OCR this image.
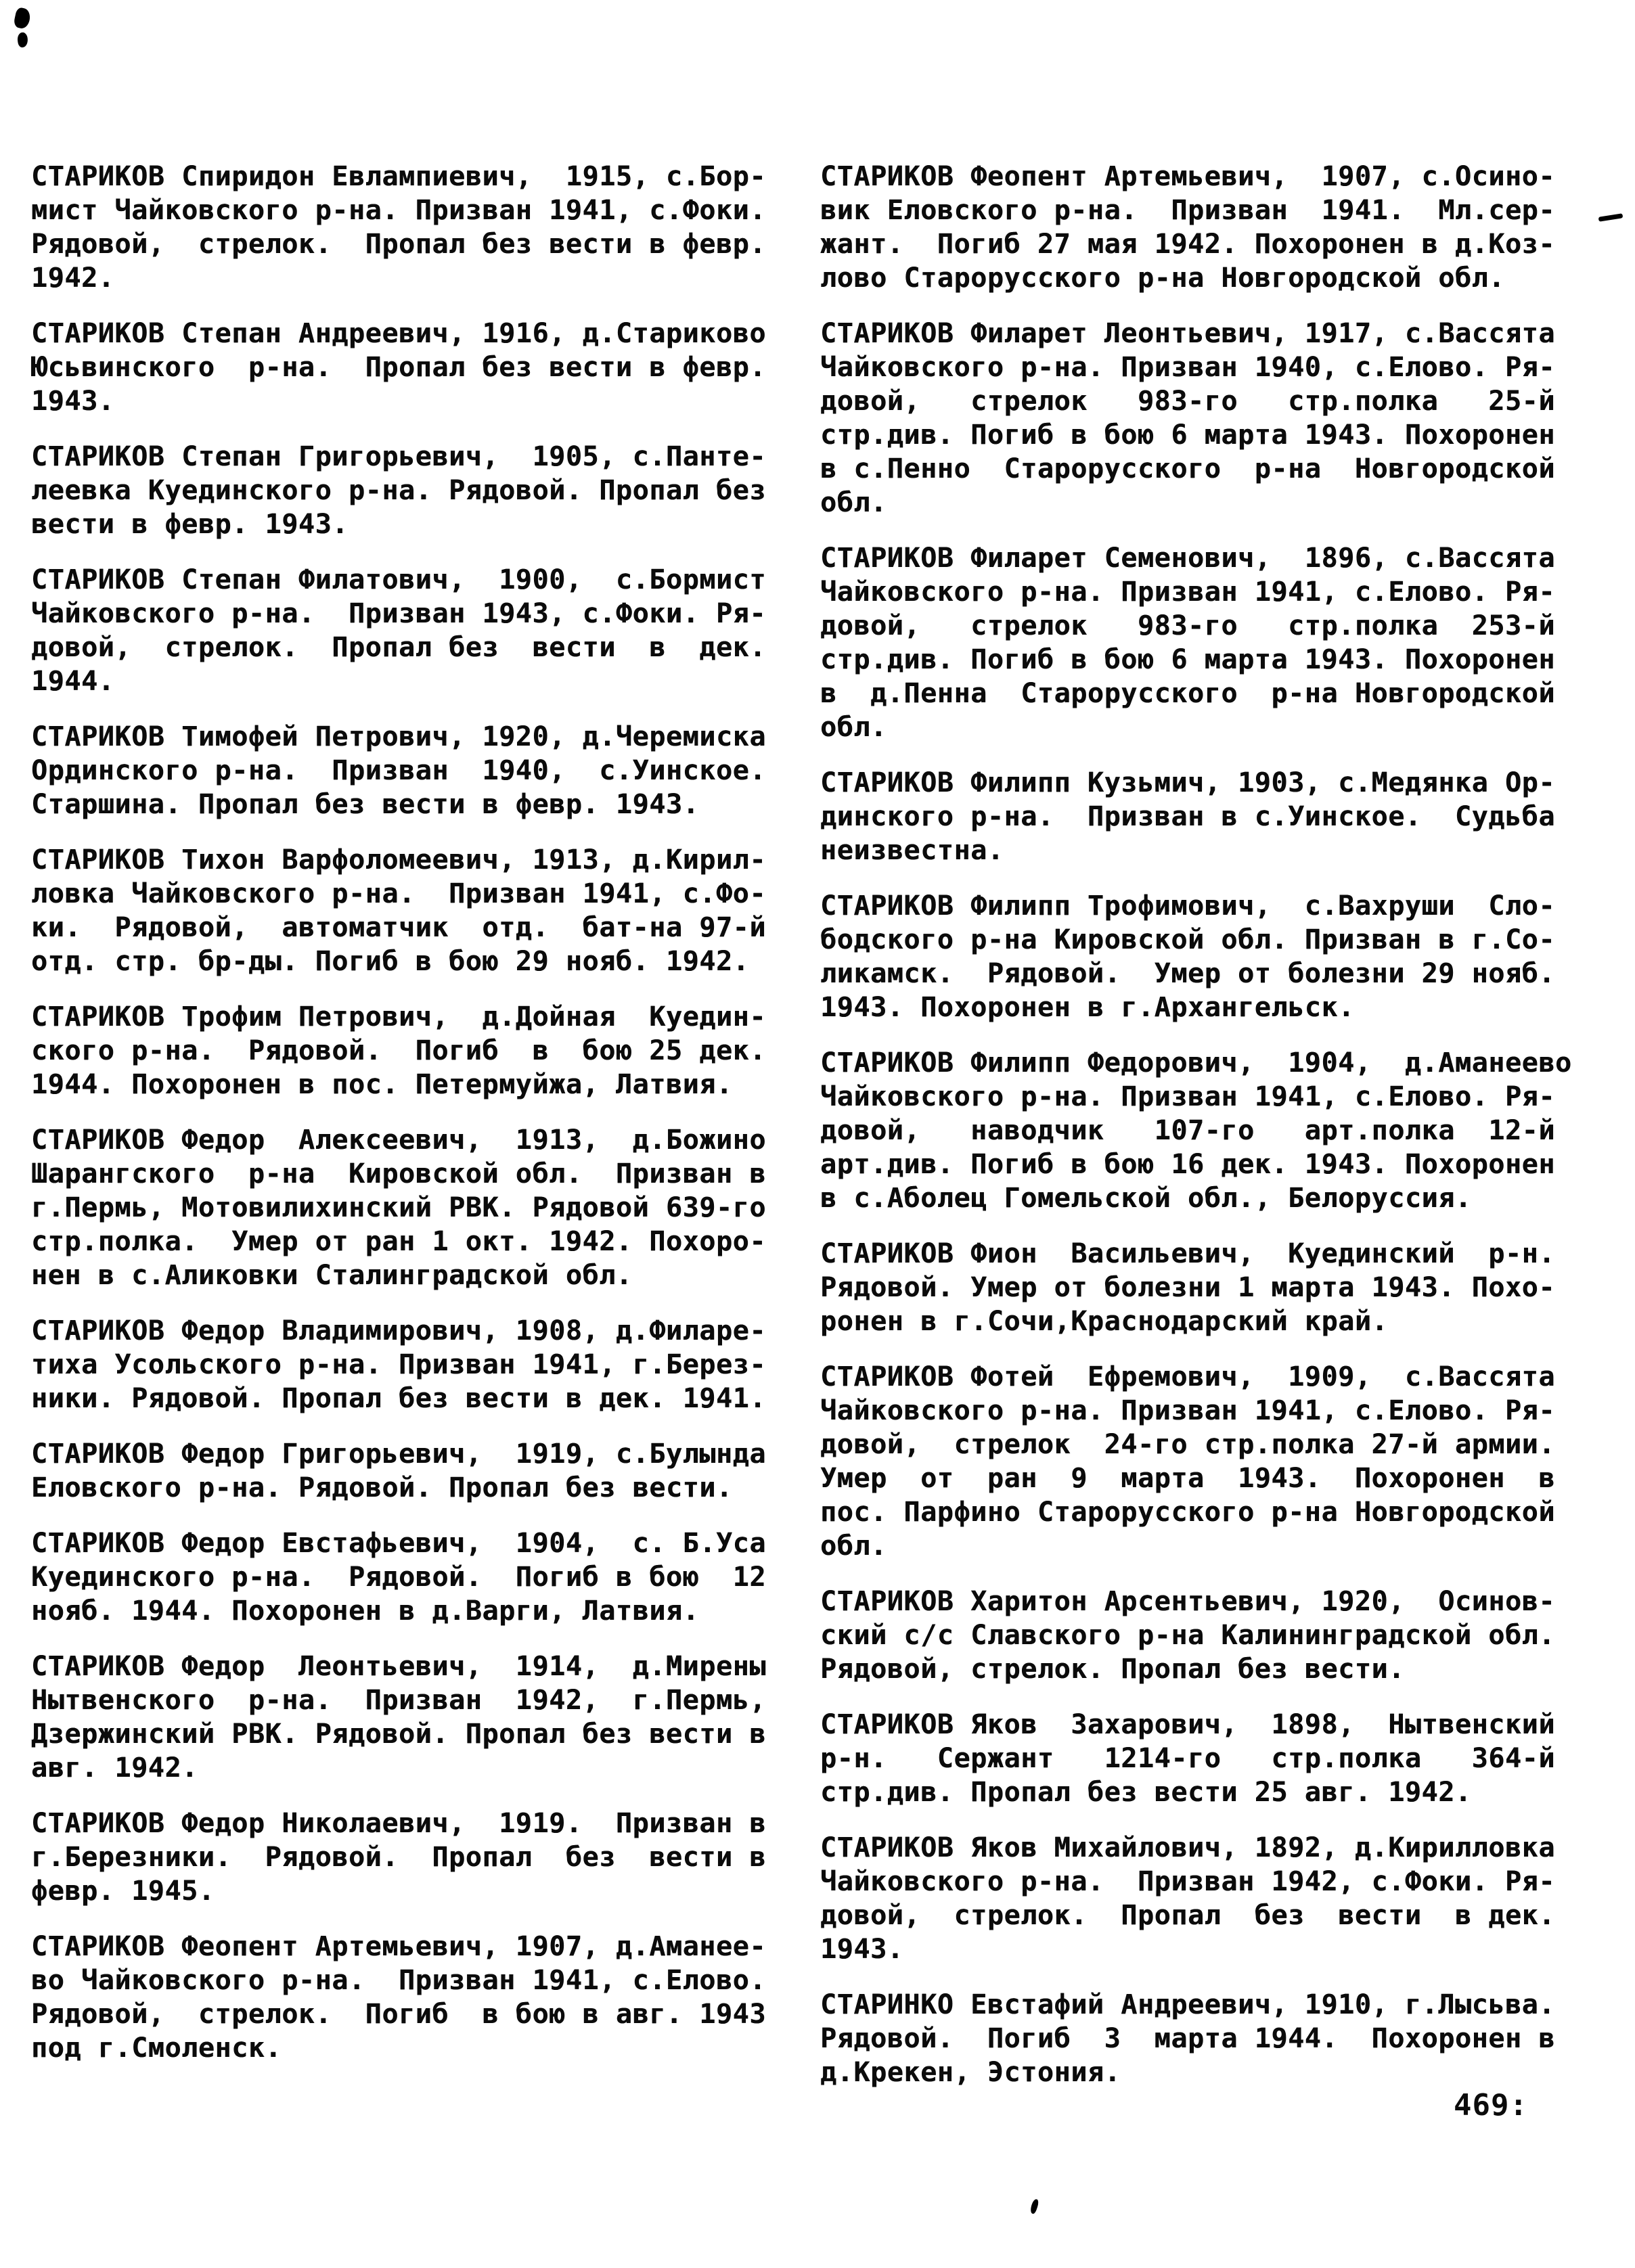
СТАРИКОВ Спиридон Евлампиевич,  1915, с.Бор-
мист Чайковского р-на. Призван 1941, с.Фоки.
Рядовой,  стрелок.  Пропал без вести в февр.
1942.
СТАРИКОВ Степан Андреевич, 1916, д.Стариково
Юсьвинского  р-на.  Пропал без вести в февр.
1943.
СТАРИКОВ Степан Григорьевич,  1905, с.Панте-
леевка Куединского р-на. Рядовой. Пропал без
вести в февр. 1943.
СТАРИКОВ Степан Филатович,  1900,  с.Бормист
Чайковского р-на.  Призван 1943, с.Фоки. Ря-
довой,  стрелок.  Пропал без  вести  в  дек.
1944.
СТАРИКОВ Тимофей Петрович, 1920, д.Черемиска
Ординского р-на.  Призван  1940,  с.Уинское.
Старшина. Пропал без вести в февр. 1943.
СТАРИКОВ Тихон Варфоломеевич, 1913, д.Кирил-
ловка Чайковского р-на.  Призван 1941, с.Фо-
ки.  Рядовой,  автоматчик  отд.  бат-на 97-й
отд. стр. бр-ды. Погиб в бою 29 нояб. 1942.
СТАРИКОВ Трофим Петрович,  д.Дойная  Куедин-
ского р-на.  Рядовой.  Погиб  в  бою 25 дек.
1944. Похоронен в пос. Петермуйжа, Латвия.
СТАРИКОВ Федор  Алексеевич,  1913,  д.Божино
Шарангского  р-на  Кировской обл.  Призван в
г.Пермь, Мотовилихинский РВК. Рядовой 639-го
стр.полка.  Умер от ран 1 окт. 1942. Похоро-
нен в с.Аликовки Сталинградской обл.
СТАРИКОВ Федор Владимирович, 1908, д.Филаре-
тиха Усольского р-на. Призван 1941, г.Берез-
ники. Рядовой. Пропал без вести в дек. 1941.
СТАРИКОВ Федор Григорьевич,  1919, с.Булында
Еловского р-на. Рядовой. Пропал без вести.
СТАРИКОВ Федор Евстафьевич,  1904,  с. Б.Уса
Куединского р-на.  Рядовой.  Погиб в бою  12
нояб. 1944. Похоронен в д.Варги, Латвия.
СТАРИКОВ Федор  Леонтьевич,  1914,  д.Мирены
Нытвенского  р-на.  Призван  1942,  г.Пермь,
Дзержинский РВК. Рядовой. Пропал без вести в
авг. 1942.
СТАРИКОВ Федор Николаевич,  1919.  Призван в
г.Березники.  Рядовой.  Пропал  без  вести в
февр. 1945.
СТАРИКОВ Феопент Артемьевич, 1907, д.Аманее-
во Чайковского р-на.  Призван 1941, с.Елово.
Рядовой,  стрелок.  Погиб  в бою в авг. 1943
под г.Смоленск.
СТАРИКОВ Феопент Артемьевич,  1907, с.Осино-
вик Еловского р-на.  Призван  1941.  Мл.сер-
жант.  Погиб 27 мая 1942. Похоронен в д.Коз-
лово Старорусского р-на Новгородской обл.
СТАРИКОВ Филарет Леонтьевич, 1917, с.Вассята
Чайковского р-на. Призван 1940, с.Елово. Ря-
довой,   стрелок   983-го   стр.полка   25-й
стр.див. Погиб в бою 6 марта 1943. Похоронен
в с.Пенно  Старорусского  р-на  Новгородской
обл.
СТАРИКОВ Филарет Семенович,  1896, с.Вассята
Чайковского р-на. Призван 1941, с.Елово. Ря-
довой,   стрелок   983-го   стр.полка  253-й
стр.див. Погиб в бою 6 марта 1943. Похоронен
в  д.Пенна  Старорусского  р-на Новгородской
обл.
СТАРИКОВ Филипп Кузьмич, 1903, с.Медянка Ор-
динского р-на.  Призван в с.Уинское.  Судьба
неизвестна.
СТАРИКОВ Филипп Трофимович,  с.Вахруши  Сло-
бодского р-на Кировской обл. Призван в г.Со-
ликамск.  Рядовой.  Умер от болезни 29 нояб.
1943. Похоронен в г.Архангельск.
СТАРИКОВ Филипп Федорович,  1904,  д.Аманеево
Чайковского р-на. Призван 1941, с.Елово. Ря-
довой,   наводчик   107-го   арт.полка  12-й
арт.див. Погиб в бою 16 дек. 1943. Похоронен
в с.Аболец Гомельской обл., Белоруссия.
СТАРИКОВ Фион  Васильевич,  Куединский  р-н.
Рядовой. Умер от болезни 1 марта 1943. Похо-
ронен в г.Сочи,Краснодарский край.
СТАРИКОВ Фотей  Ефремович,  1909,  с.Вассята
Чайковского р-на. Призван 1941, с.Елово. Ря-
довой,  стрелок  24-го стр.полка 27-й армии.
Умер  от  ран  9  марта  1943.  Похоронен  в
пос. Парфино Старорусского р-на Новгородской
обл.
СТАРИКОВ Харитон Арсентьевич, 1920,  Осинов-
ский с/с Славского р-на Калининградской обл.
Рядовой, стрелок. Пропал без вести.
СТАРИКОВ Яков  Захарович,  1898,  Нытвенский
р-н.   Сержант   1214-го   стр.полка   364-й
стр.див. Пропал без вести 25 авг. 1942.
СТАРИКОВ Яков Михайлович, 1892, д.Кирилловка
Чайковского р-на.  Призван 1942, с.Фоки. Ря-
довой,  стрелок.  Пропал  без  вести  в дек.
1943.
СТАРИНКО Евстафий Андреевич, 1910, г.Лысьва.
Рядовой.  Погиб  3  марта 1944.  Похоронен в
д.Крекен, Эстония.
469:
